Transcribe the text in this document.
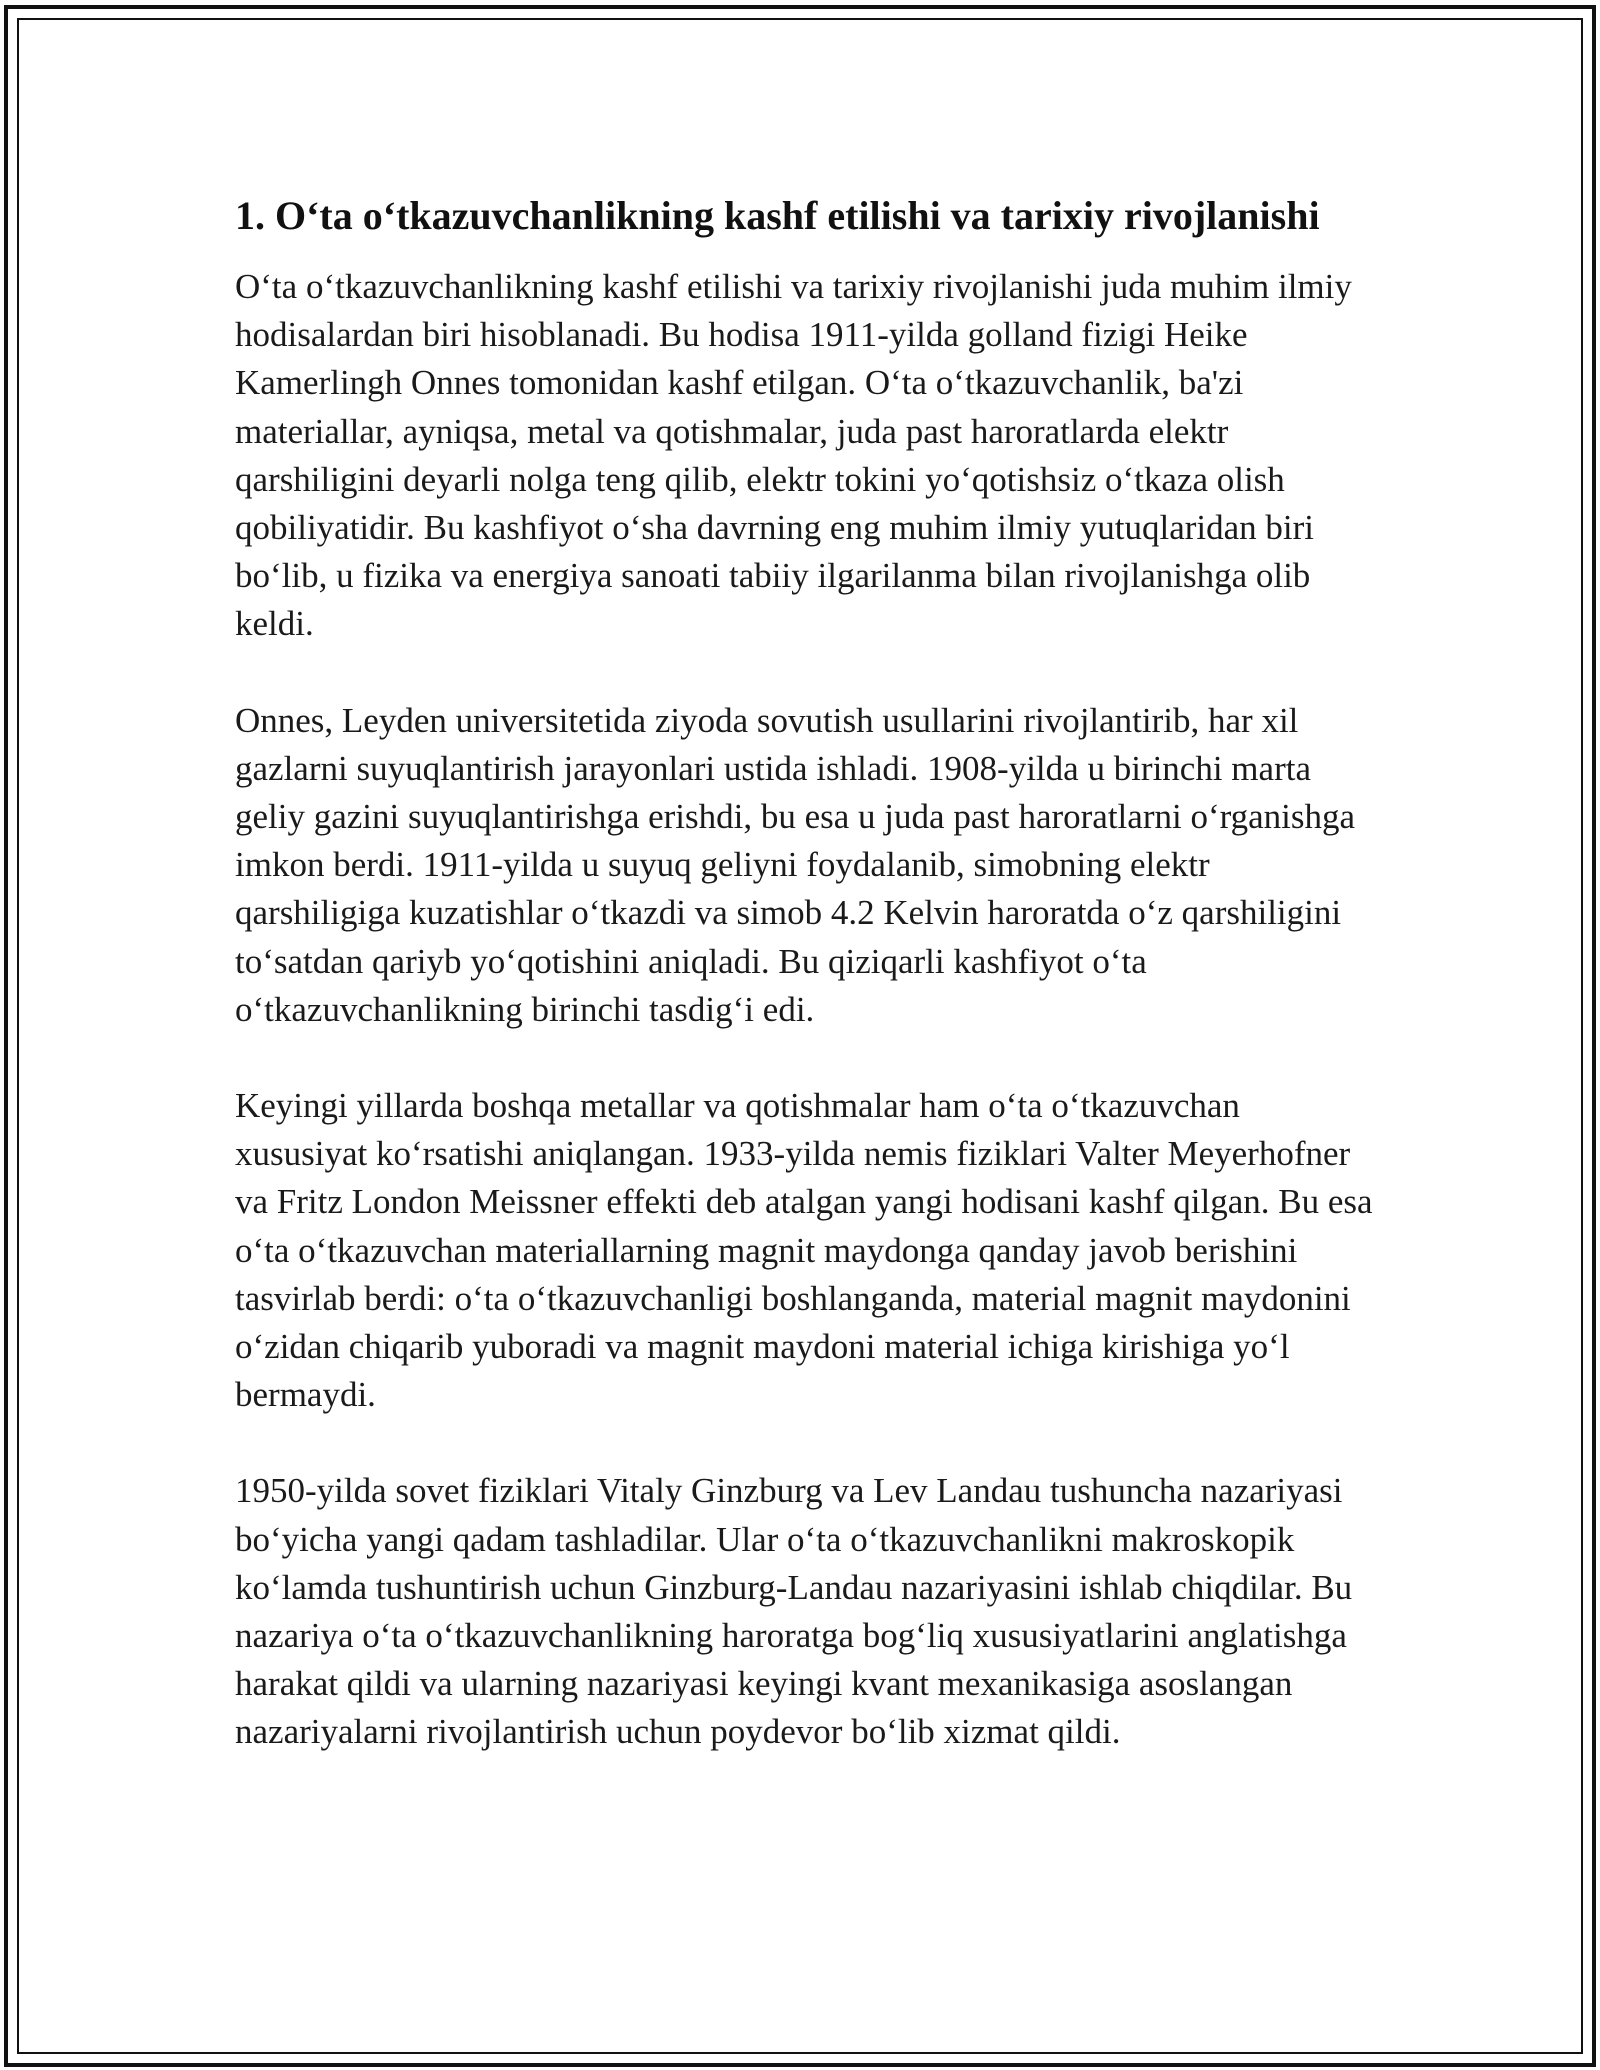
1. O‘ta o‘tkazuvchanlikning kashf etilishi va tarixiy rivojlanishi

O‘ta o‘tkazuvchanlikning kashf etilishi va tarixiy rivojlanishi juda muhim ilmiy hodisalardan biri hisoblanadi. Bu hodisa 1911-yilda golland fizigi Heike Kamerlingh Onnes tomonidan kashf etilgan. O‘ta o‘tkazuvchanlik, ba'zi materiallar, ayniqsa, metal va qotishmalar, juda past haroratlarda elektr qarshiligini deyarli nolga teng qilib, elektr tokini yo‘qotishsiz o‘tkaza olish qobiliyatidir. Bu kashfiyot o‘sha davrning eng muhim ilmiy yutuqlaridan biri bo‘lib, u fizika va energiya sanoati tabiiy ilgarilanma bilan rivojlanishga olib keldi.

Onnes, Leyden universitetida ziyoda sovutish usullarini rivojlantirib, har xil gazlarni suyuqlantirish jarayonlari ustida ishladi. 1908-yilda u birinchi marta geliy gazini suyuqlantirishga erishdi, bu esa u juda past haroratlarni o‘rganishga imkon berdi. 1911-yilda u suyuq geliyni foydalanib, simobning elektr qarshiligiga kuzatishlar o‘tkazdi va simob 4.2 Kelvin haroratda o‘z qarshiligini to‘satdan qariyb yo‘qotishini aniqladi. Bu qiziqarli kashfiyot o‘ta o‘tkazuvchanlikning birinchi tasdig‘i edi.

Keyingi yillarda boshqa metallar va qotishmalar ham o‘ta o‘tkazuvchan xususiyat ko‘rsatishi aniqlangan. 1933-yilda nemis fiziklari Valter Meyerhofner va Fritz London Meissner effekti deb atalgan yangi hodisani kashf qilgan. Bu esa o‘ta o‘tkazuvchan materiallarning magnit maydonga qanday javob berishini tasvirlab berdi: o‘ta o‘tkazuvchanligi boshlanganda, material magnit maydonini o‘zidan chiqarib yuboradi va magnit maydoni material ichiga kirishiga yo‘l bermaydi.

1950-yilda sovet fiziklari Vitaly Ginzburg va Lev Landau tushuncha nazariyasi bo‘yicha yangi qadam tashladilar. Ular o‘ta o‘tkazuvchanlikni makroskopik ko‘lamda tushuntirish uchun Ginzburg-Landau nazariyasini ishlab chiqdilar. Bu nazariya o‘ta o‘tkazuvchanlikning haroratga bog‘liq xususiyatlarini anglatishga harakat qildi va ularning nazariyasi keyingi kvant mexanikasiga asoslangan nazariyalarni rivojlantirish uchun poydevor bo‘lib xizmat qildi.
